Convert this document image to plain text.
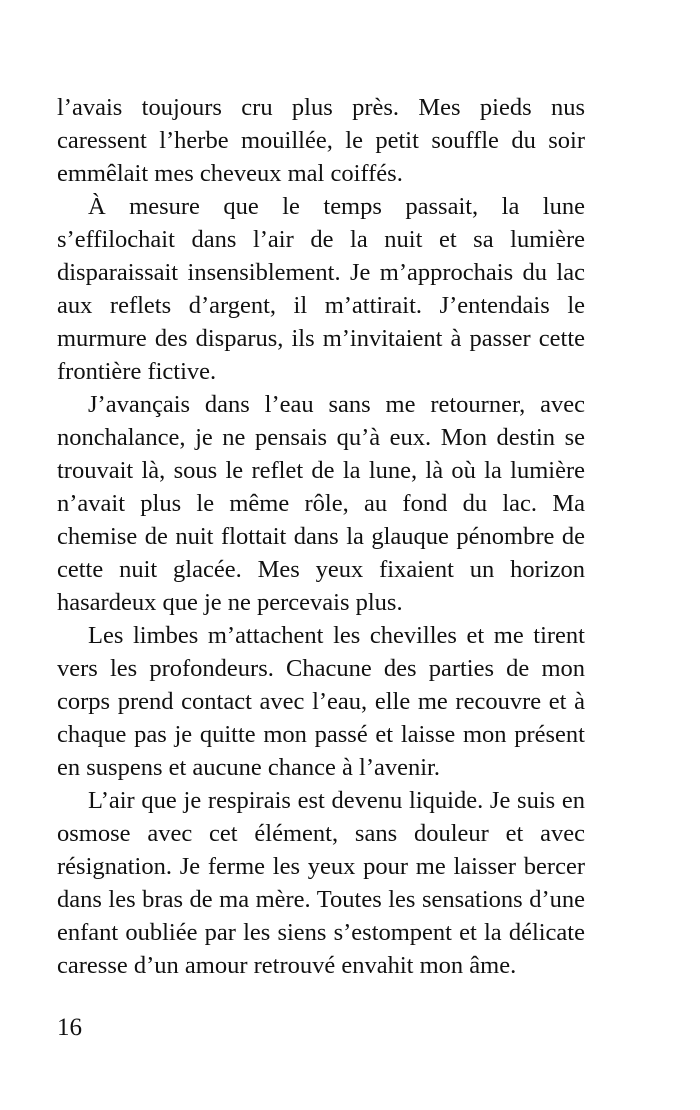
l’avais toujours cru plus près. Mes pieds nus caressent l’herbe mouillée, le petit souffle du soir emmêlait mes cheveux mal coiffés.

À mesure que le temps passait, la lune s’effilochait dans l’air de la nuit et sa lumière disparaissait insensiblement. Je m’approchais du lac aux reflets d’argent, il m’attirait. J’entendais le murmure des disparus, ils m’invitaient à passer cette frontière fictive.

J’avançais dans l’eau sans me retourner, avec nonchalance, je ne pensais qu’à eux. Mon destin se trouvait là, sous le reflet de la lune, là où la lumière n’avait plus le même rôle, au fond du lac. Ma chemise de nuit flottait dans la glauque pénombre de cette nuit glacée. Mes yeux fixaient un horizon hasardeux que je ne percevais plus.

Les limbes m’attachent les chevilles et me tirent vers les profondeurs. Chacune des parties de mon corps prend contact avec l’eau, elle me recouvre et à chaque pas je quitte mon passé et laisse mon présent en suspens et aucune chance à l’avenir.

L’air que je respirais est devenu liquide. Je suis en osmose avec cet élément, sans douleur et avec résignation. Je ferme les yeux pour me laisser bercer dans les bras de ma mère. Toutes les sensations d’une enfant oubliée par les siens s’estompent et la délicate caresse d’un amour retrouvé envahit mon âme.

16
